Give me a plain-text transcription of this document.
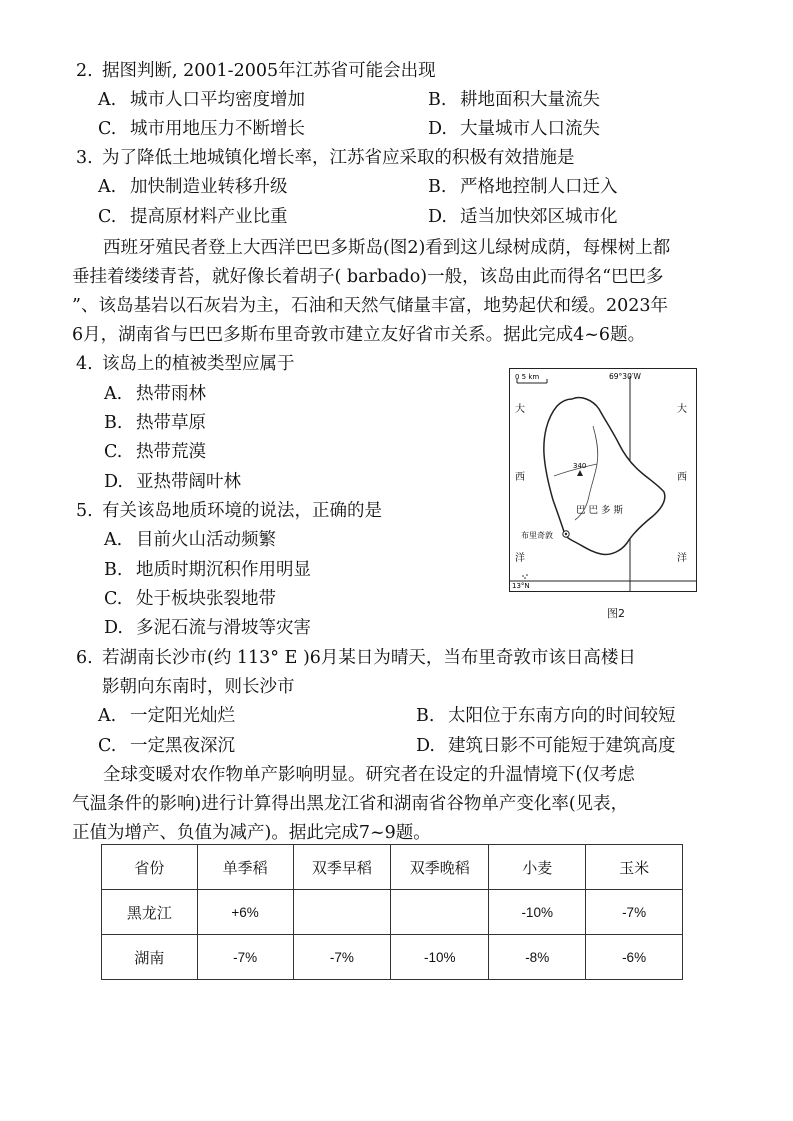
2. 据图判断, 2001-2005年江苏省可能会出现
A. 城市人口平均密度增加	B. 耕地面积大量流失
C. 城市用地压力不断增长	D. 大量城市人口流失
3. 为了降低土地城镇化增长率，江苏省应采取的积极有效措施是
A. 加快制造业转移升级	B. 严格地控制人口迁入
C. 提高原材料产业比重	D. 适当加快郊区城市化
西班牙殖民者登上大西洋巴巴多斯岛(图2)看到这儿绿树成荫，每棵树上都
垂挂着缕缕青苔，就好像长着胡子( barbado)一般，该岛由此而得名“巴巴多
”、该岛基岩以石灰岩为主，石油和天然气储量丰富，地势起伏和缓。2023年
6月，湖南省与巴巴多斯布里奇敦市建立友好省市关系。据此完成4~6题。
4. 该岛上的植被类型应属于
A. 热带雨林
B. 热带草原
C. 热带荒漠
D. 亚热带阔叶林
5. 有关该岛地质环境的说法，正确的是
A. 目前火山活动频繁
B. 地质时期沉积作用明显
C. 处于板块张裂地带
D. 多泥石流与滑坡等灾害
0 5 km	69°30′W
340
巴 巴 多 斯
布里奇敦
大
西
洋
大
西
洋
13°N
图2
6. 若湖南长沙市(约 113° E )6月某日为晴天，当布里奇敦市该日高楼日
影朝向东南时，则长沙市
A. 一定阳光灿烂	B. 太阳位于东南方向的时间较短
C. 一定黑夜深沉	D. 建筑日影不可能短于建筑高度
全球变暖对农作物单产影响明显。研究者在设定的升温情境下(仅考虑
气温条件的影响)进行计算得出黑龙江省和湖南省谷物单产变化率(见表，
正值为增产、负值为减产)。据此完成7~9题。
省份	单季稻	双季早稻	双季晚稻	小麦	玉米
黑龙江	+6%			-10%	-7%
湖南	-7%	-7%	-10%	-8%	-6%
